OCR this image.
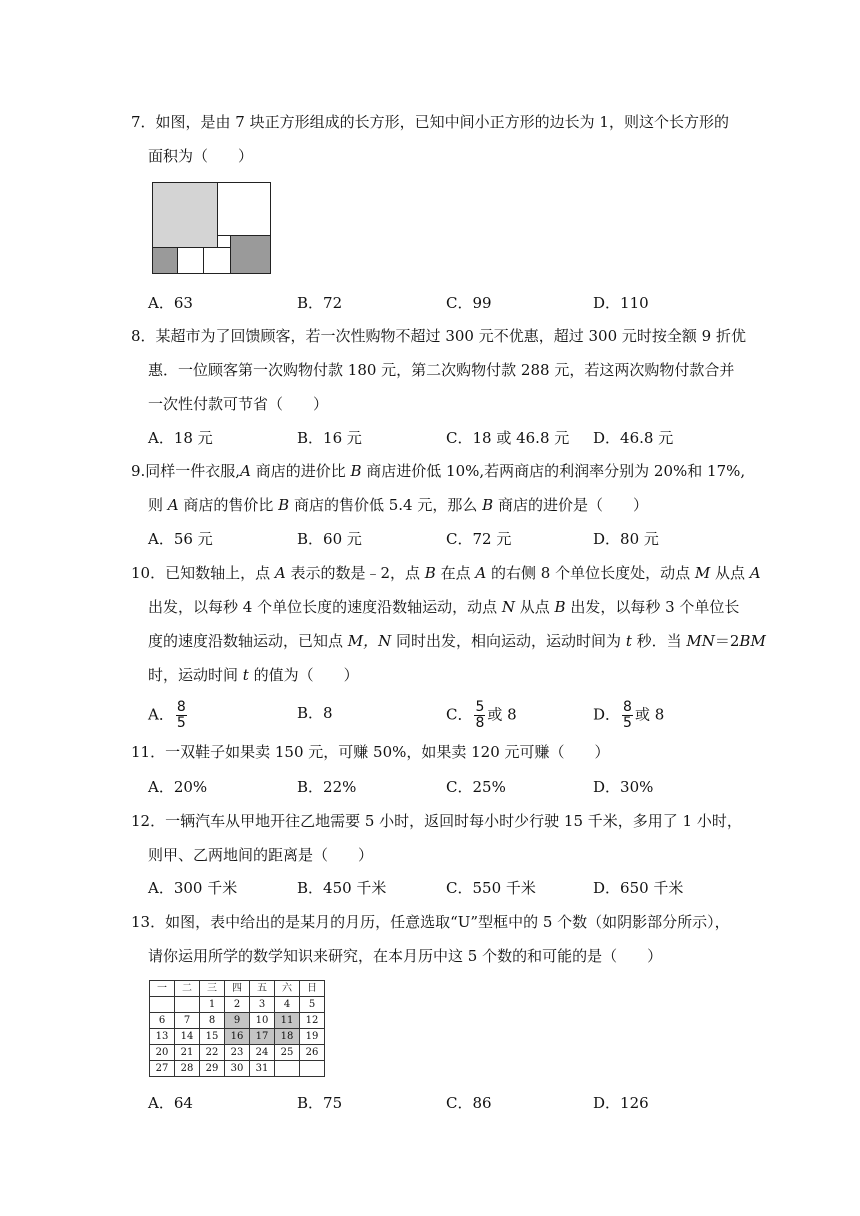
7．如图，是由 7 块正方形组成的长方形，已知中间小正方形的边长为 1，则这个长方形的
面积为（　　）
A．63	B．72	C．99	D．110
8．某超市为了回馈顾客，若一次性购物不超过 300 元不优惠，超过 300 元时按全额 9 折优
惠．一位顾客第一次购物付款 180 元，第二次购物付款 288 元，若这两次购物付款合并
一次性付款可节省（　　）
A．18 元	B．16 元	C．18 或 46.8 元 D．46.8 元
9.同样一件衣服,A 商店的进价比 B 商店进价低 10%,若两商店的利润率分别为 20%和 17%,
则 A 商店的售价比 B 商店的售价低 5.4 元，那么 B 商店的进价是（　　）
A．56 元	B．60 元	C．72 元	D．80 元
10．已知数轴上，点 A 表示的数是﹣2，点 B 在点 A 的右侧 8 个单位长度处，动点 M 从点 A
出发，以每秒 4 个单位长度的速度沿数轴运动，动点 N 从点 B 出发，以每秒 3 个单位长
度的速度沿数轴运动，已知点 M，N 同时出发，相向运动，运动时间为 t 秒．当 MN＝2BM
时，运动时间 t 的值为（　　）
A． $\frac{8}{5}$	B．8	C． $\frac{5}{8}$ 或 8	D． $\frac{8}{5}$ 或 8
11．一双鞋子如果卖 150 元，可赚 50%，如果卖 120 元可赚（　　）
A．20%	B．22%	C．25%	D．30%
12．一辆汽车从甲地开往乙地需要 5 小时，返回时每小时少行驶 15 千米，多用了 1 小时，
则甲、乙两地间的距离是（　　）
A．300 千米	B．450 千米	C．550 千米	D．650 千米
13．如图，表中给出的是某月的月历，任意选取“U”型框中的 5 个数（如阴影部分所示），
请你运用所学的数学知识来研究，在本月历中这 5 个数的和可能的是（　　）
一	二	三	四	五	六	日
		1	2	3	4	5
6	7	8	9	10	11	12
13	14	15	16	17	18	19
20	21	22	23	24	25	26
27	28	29	30	31		
A．64	B．75	C．86	D．126
